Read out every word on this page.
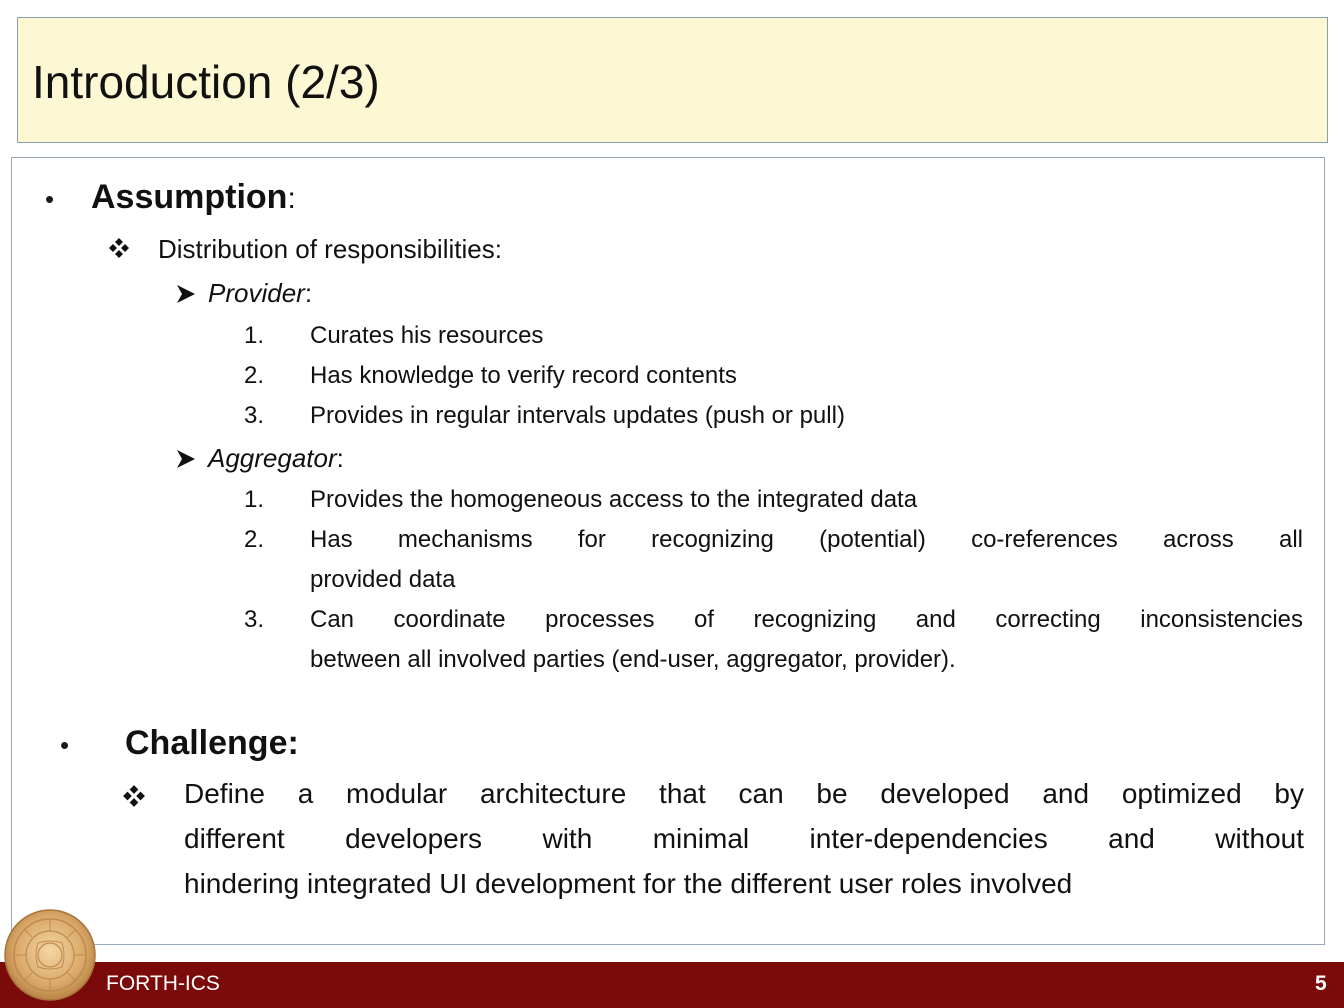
Introduction (2/3)
• Assumption:
Distribution of responsibilities:
Provider:
1. Curates his resources
2. Has knowledge to verify record contents
3. Provides in regular intervals updates (push or pull)
Aggregator:
1. Provides the homogeneous access to the integrated data
2. Has mechanisms for recognizing (potential) co-references across all
provided data
3. Can coordinate processes of recognizing and correcting inconsistencies
between all involved parties (end-user, aggregator, provider).
• Challenge:
Define a modular architecture that can be developed and optimized by
different developers with minimal inter-dependencies and without
hindering integrated UI development for the different user roles involved
FORTH-ICS	5
